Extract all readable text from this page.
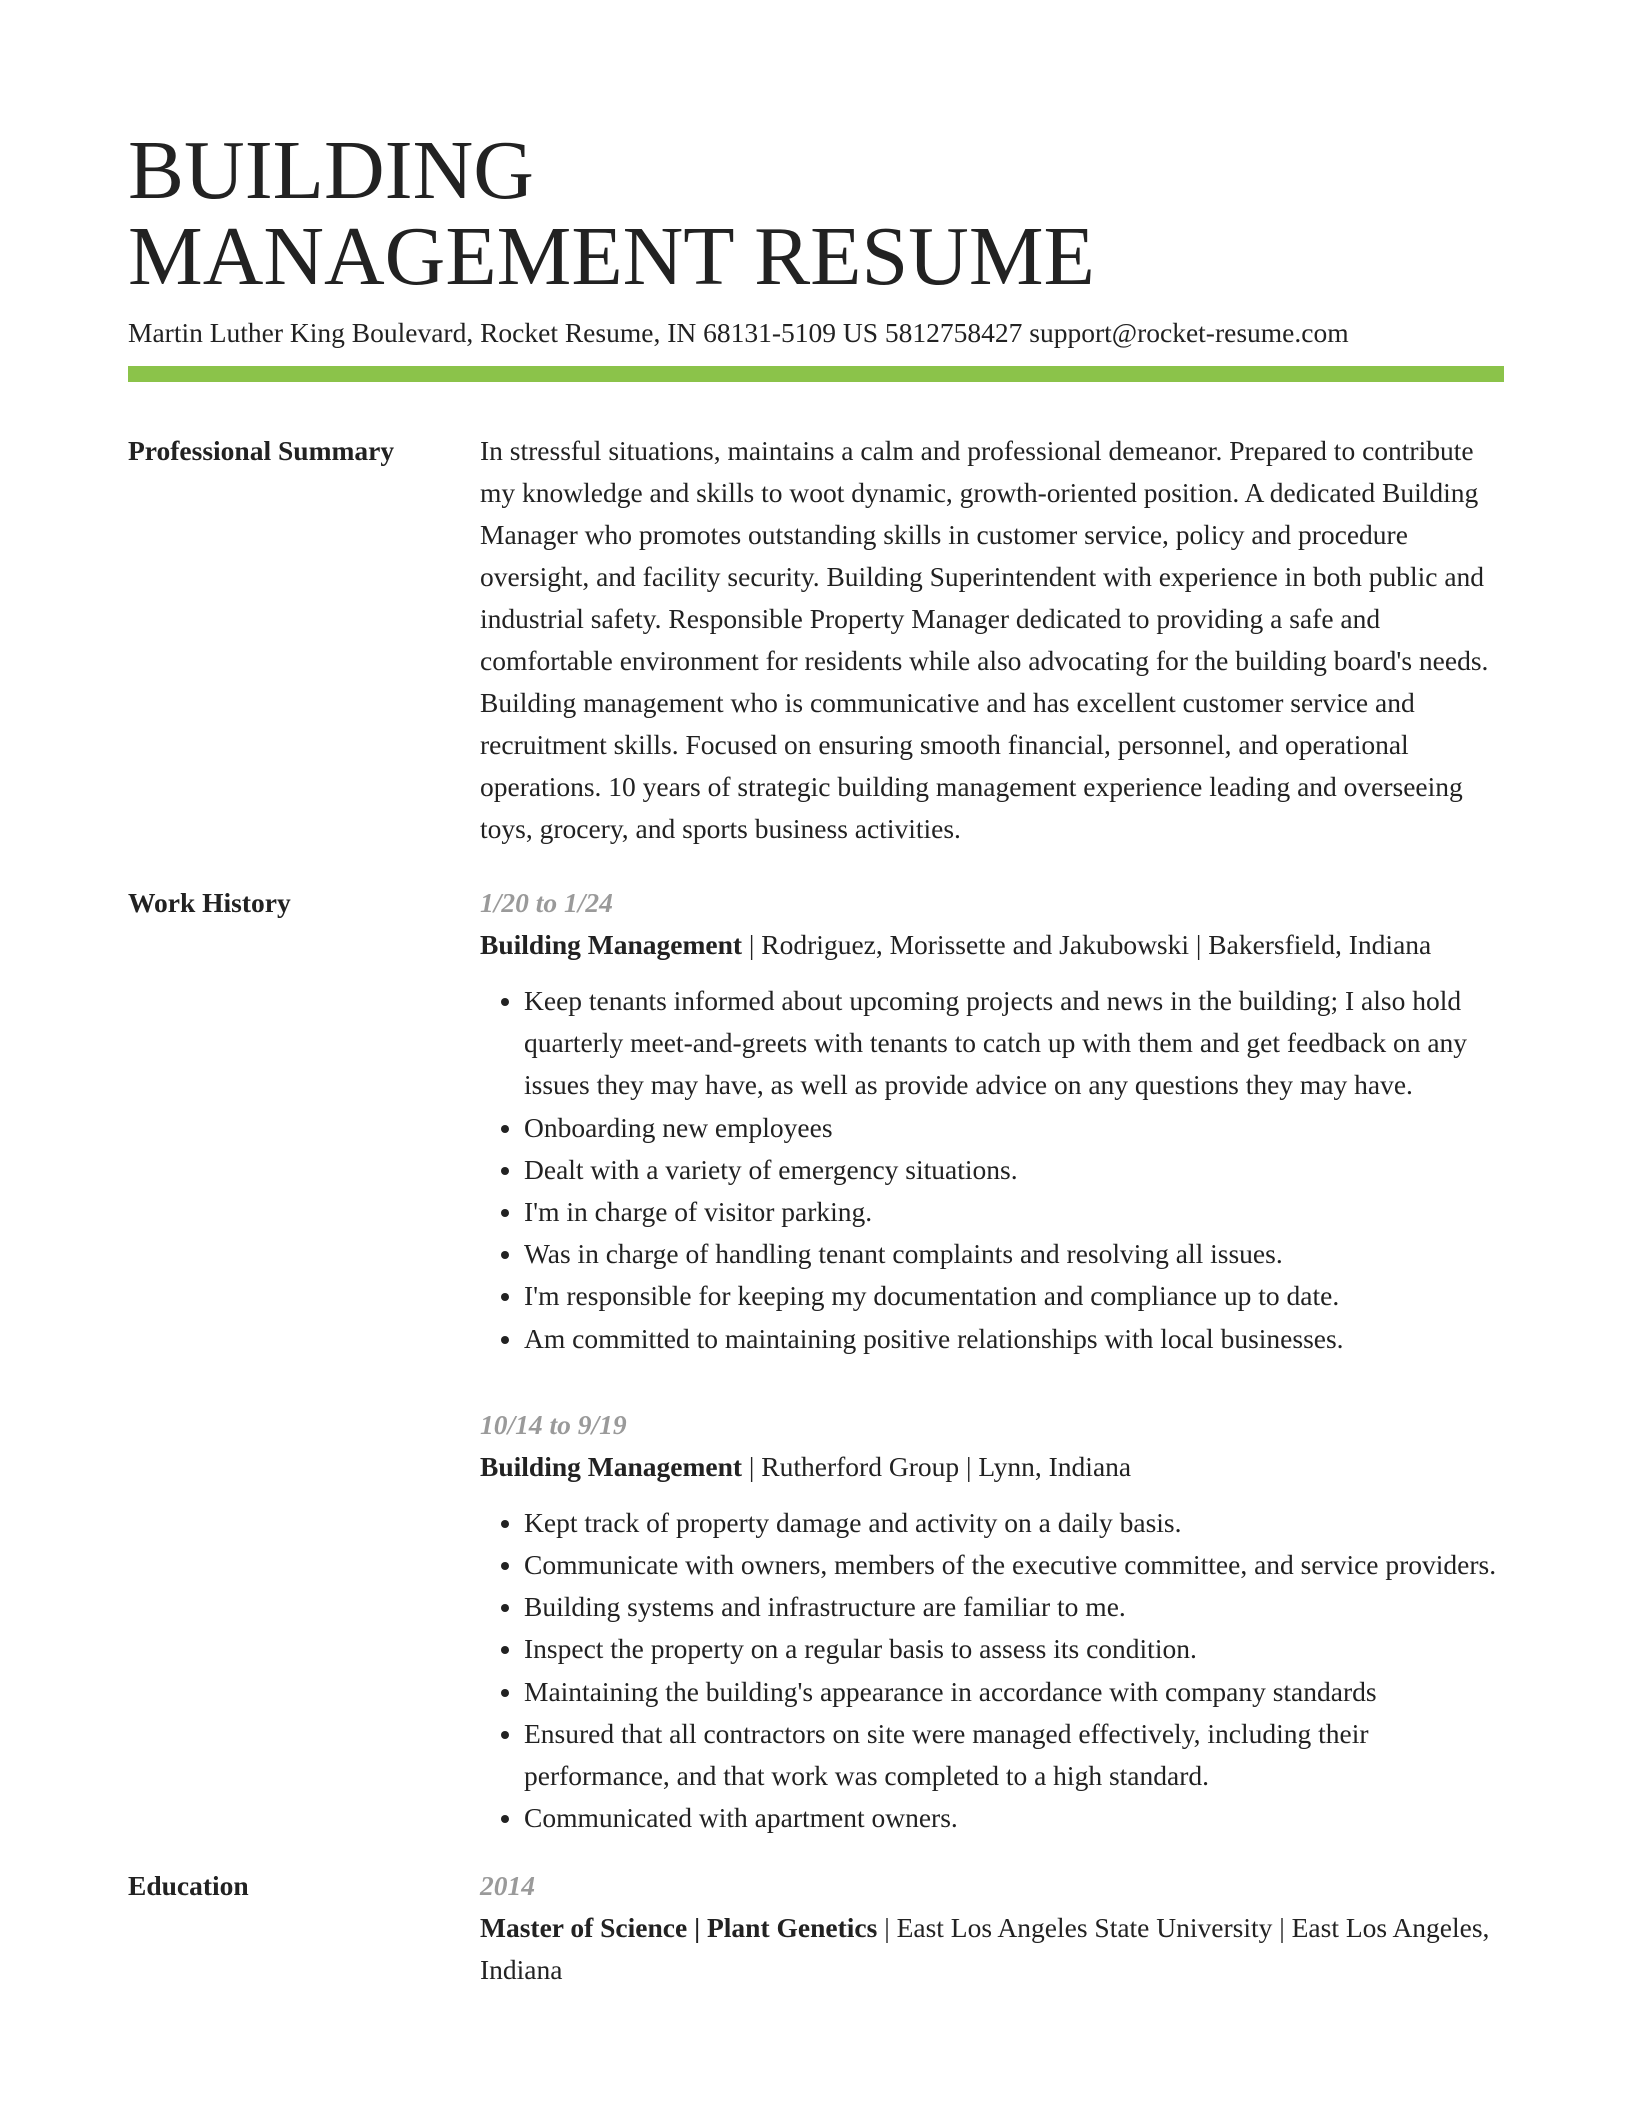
BUILDING
MANAGEMENT RESUME
Martin Luther King Boulevard, Rocket Resume, IN 68131-5109 US 5812758427 support@rocket-resume.com
Professional Summary	In stressful situations, maintains a calm and professional demeanor. Prepared to contribute my knowledge and skills to woot dynamic, growth-oriented position. A dedicated Building Manager who promotes outstanding skills in customer service, policy and procedure oversight, and facility security. Building Superintendent with experience in both public and industrial safety. Responsible Property Manager dedicated to providing a safe and comfortable environment for residents while also advocating for the building board's needs. Building management who is communicative and has excellent customer service and recruitment skills. Focused on ensuring smooth financial, personnel, and operational operations. 10 years of strategic building management experience leading and overseeing toys, grocery, and sports business activities.
Work History	1/20 to 1/24
Building Management | Rodriguez, Morissette and Jakubowski | Bakersfield, Indiana
• Keep tenants informed about upcoming projects and news in the building; I also hold quarterly meet-and-greets with tenants to catch up with them and get feedback on any issues they may have, as well as provide advice on any questions they may have.
• Onboarding new employees
• Dealt with a variety of emergency situations.
• I'm in charge of visitor parking.
• Was in charge of handling tenant complaints and resolving all issues.
• I'm responsible for keeping my documentation and compliance up to date.
• Am committed to maintaining positive relationships with local businesses.
10/14 to 9/19
Building Management | Rutherford Group | Lynn, Indiana
• Kept track of property damage and activity on a daily basis.
• Communicate with owners, members of the executive committee, and service providers.
• Building systems and infrastructure are familiar to me.
• Inspect the property on a regular basis to assess its condition.
• Maintaining the building's appearance in accordance with company standards
• Ensured that all contractors on site were managed effectively, including their performance, and that work was completed to a high standard.
• Communicated with apartment owners.
Education	2014
Master of Science | Plant Genetics | East Los Angeles State University | East Los Angeles, Indiana
